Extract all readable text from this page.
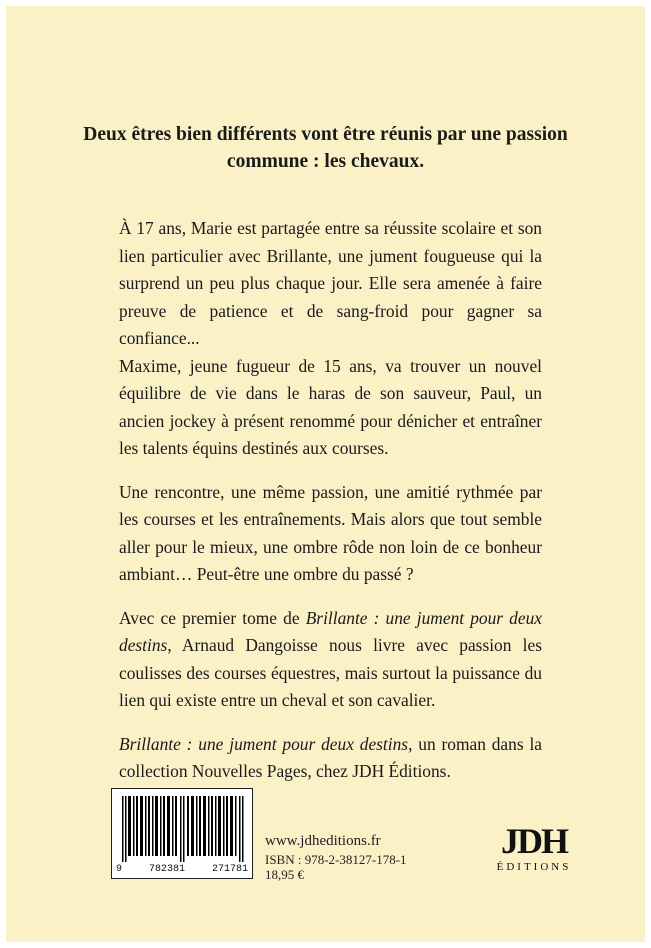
Deux êtres bien différents vont être réunis par une passion commune : les chevaux.

À 17 ans, Marie est partagée entre sa réussite scolaire et son lien particulier avec Brillante, une jument fougueuse qui la surprend un peu plus chaque jour. Elle sera amenée à faire preuve de patience et de sang-froid pour gagner sa confiance...

Maxime, jeune fugueur de 15 ans, va trouver un nouvel équilibre de vie dans le haras de son sauveur, Paul, un ancien jockey à présent renommé pour dénicher et entraîner les talents équins destinés aux courses.

Une rencontre, une même passion, une amitié rythmée par les courses et les entraînements. Mais alors que tout semble aller pour le mieux, une ombre rôde non loin de ce bonheur ambiant… Peut-être une ombre du passé ?

Avec ce premier tome de Brillante : une jument pour deux destins, Arnaud Dangoisse nous livre avec passion les coulisses des courses équestres, mais surtout la puissance du lien qui existe entre un cheval et son cavalier.

Brillante : une jument pour deux destins, un roman dans la collection Nouvelles Pages, chez JDH Éditions.

9	782381	271781
www.jdheditions.fr
ISBN : 978-2-38127-178-1
18,95 €
JDH
ÉDITIONS
